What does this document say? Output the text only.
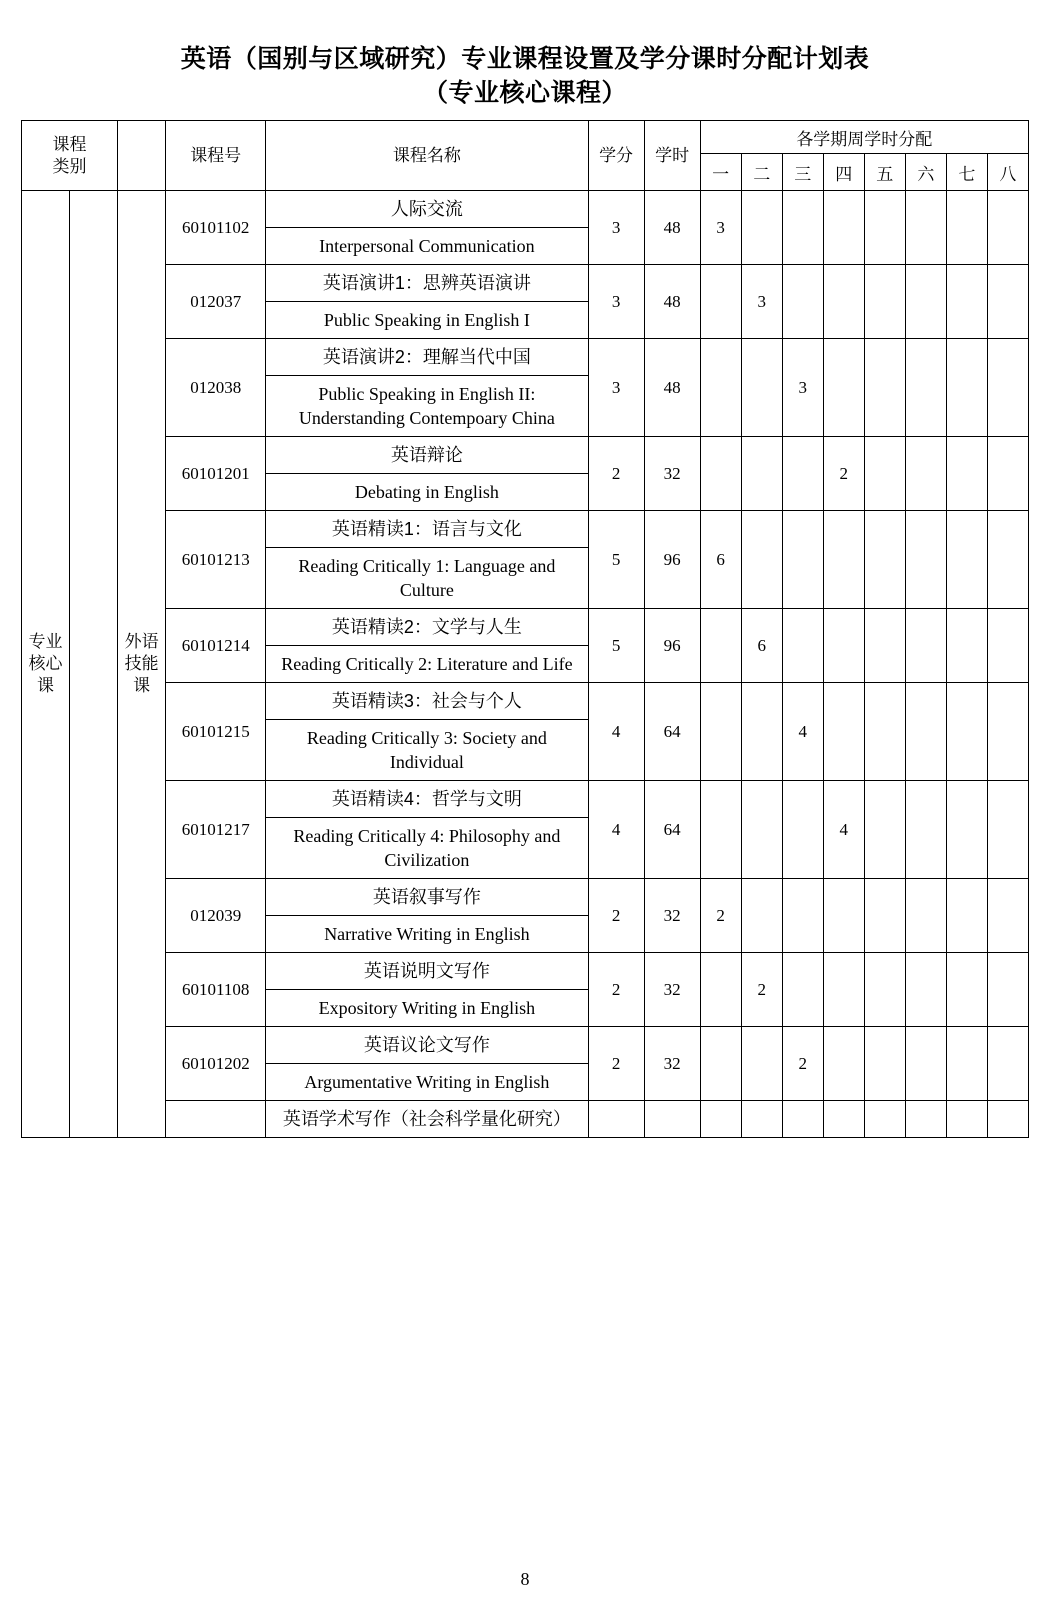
英语（国别与区域研究）专业课程设置及学分课时分配计划表
（专业核心课程）
课程
类别			课程号	课程名称	学分	学时	各学期周学时分配							
							一	二	三	四	五	六	七	八

专业
核心
课

外语
技能
课
	60101102	
人际交流
Interpersonal Communication
	3	48	3							
			012037	英语演讲1：思辨英语演讲
Public Speaking in English I	3	48		3						
			012038	英语演讲2：理解当代中国
Public Speaking in English II: Understanding Contempoary China	3	48			3					
			60101201	英语辩论
Debating in English	2	32				2				
			60101213	英语精读1：语言与文化
Reading Critically 1: Language and Culture	5	96	6							
			60101214	英语精读2：文学与人生
Reading Critically 2: Literature and Life	5	96		6						
			60101215	英语精读3：社会与个人
Reading Critically 3: Society and Individual	4	64			4					
			60101217	英语精读4：哲学与文明
Reading Critically 4: Philosophy and Civilization	4	64				4				
			012039	英语叙事写作
Narrative Writing in English	2	32	2							
			60101108	英语说明文写作
Expository Writing in English	2	32		2						
			60101202	英语议论文写作
Argumentative Writing in English	2	32			2					

				英语学术写作（社会科学量化研究）										

8
